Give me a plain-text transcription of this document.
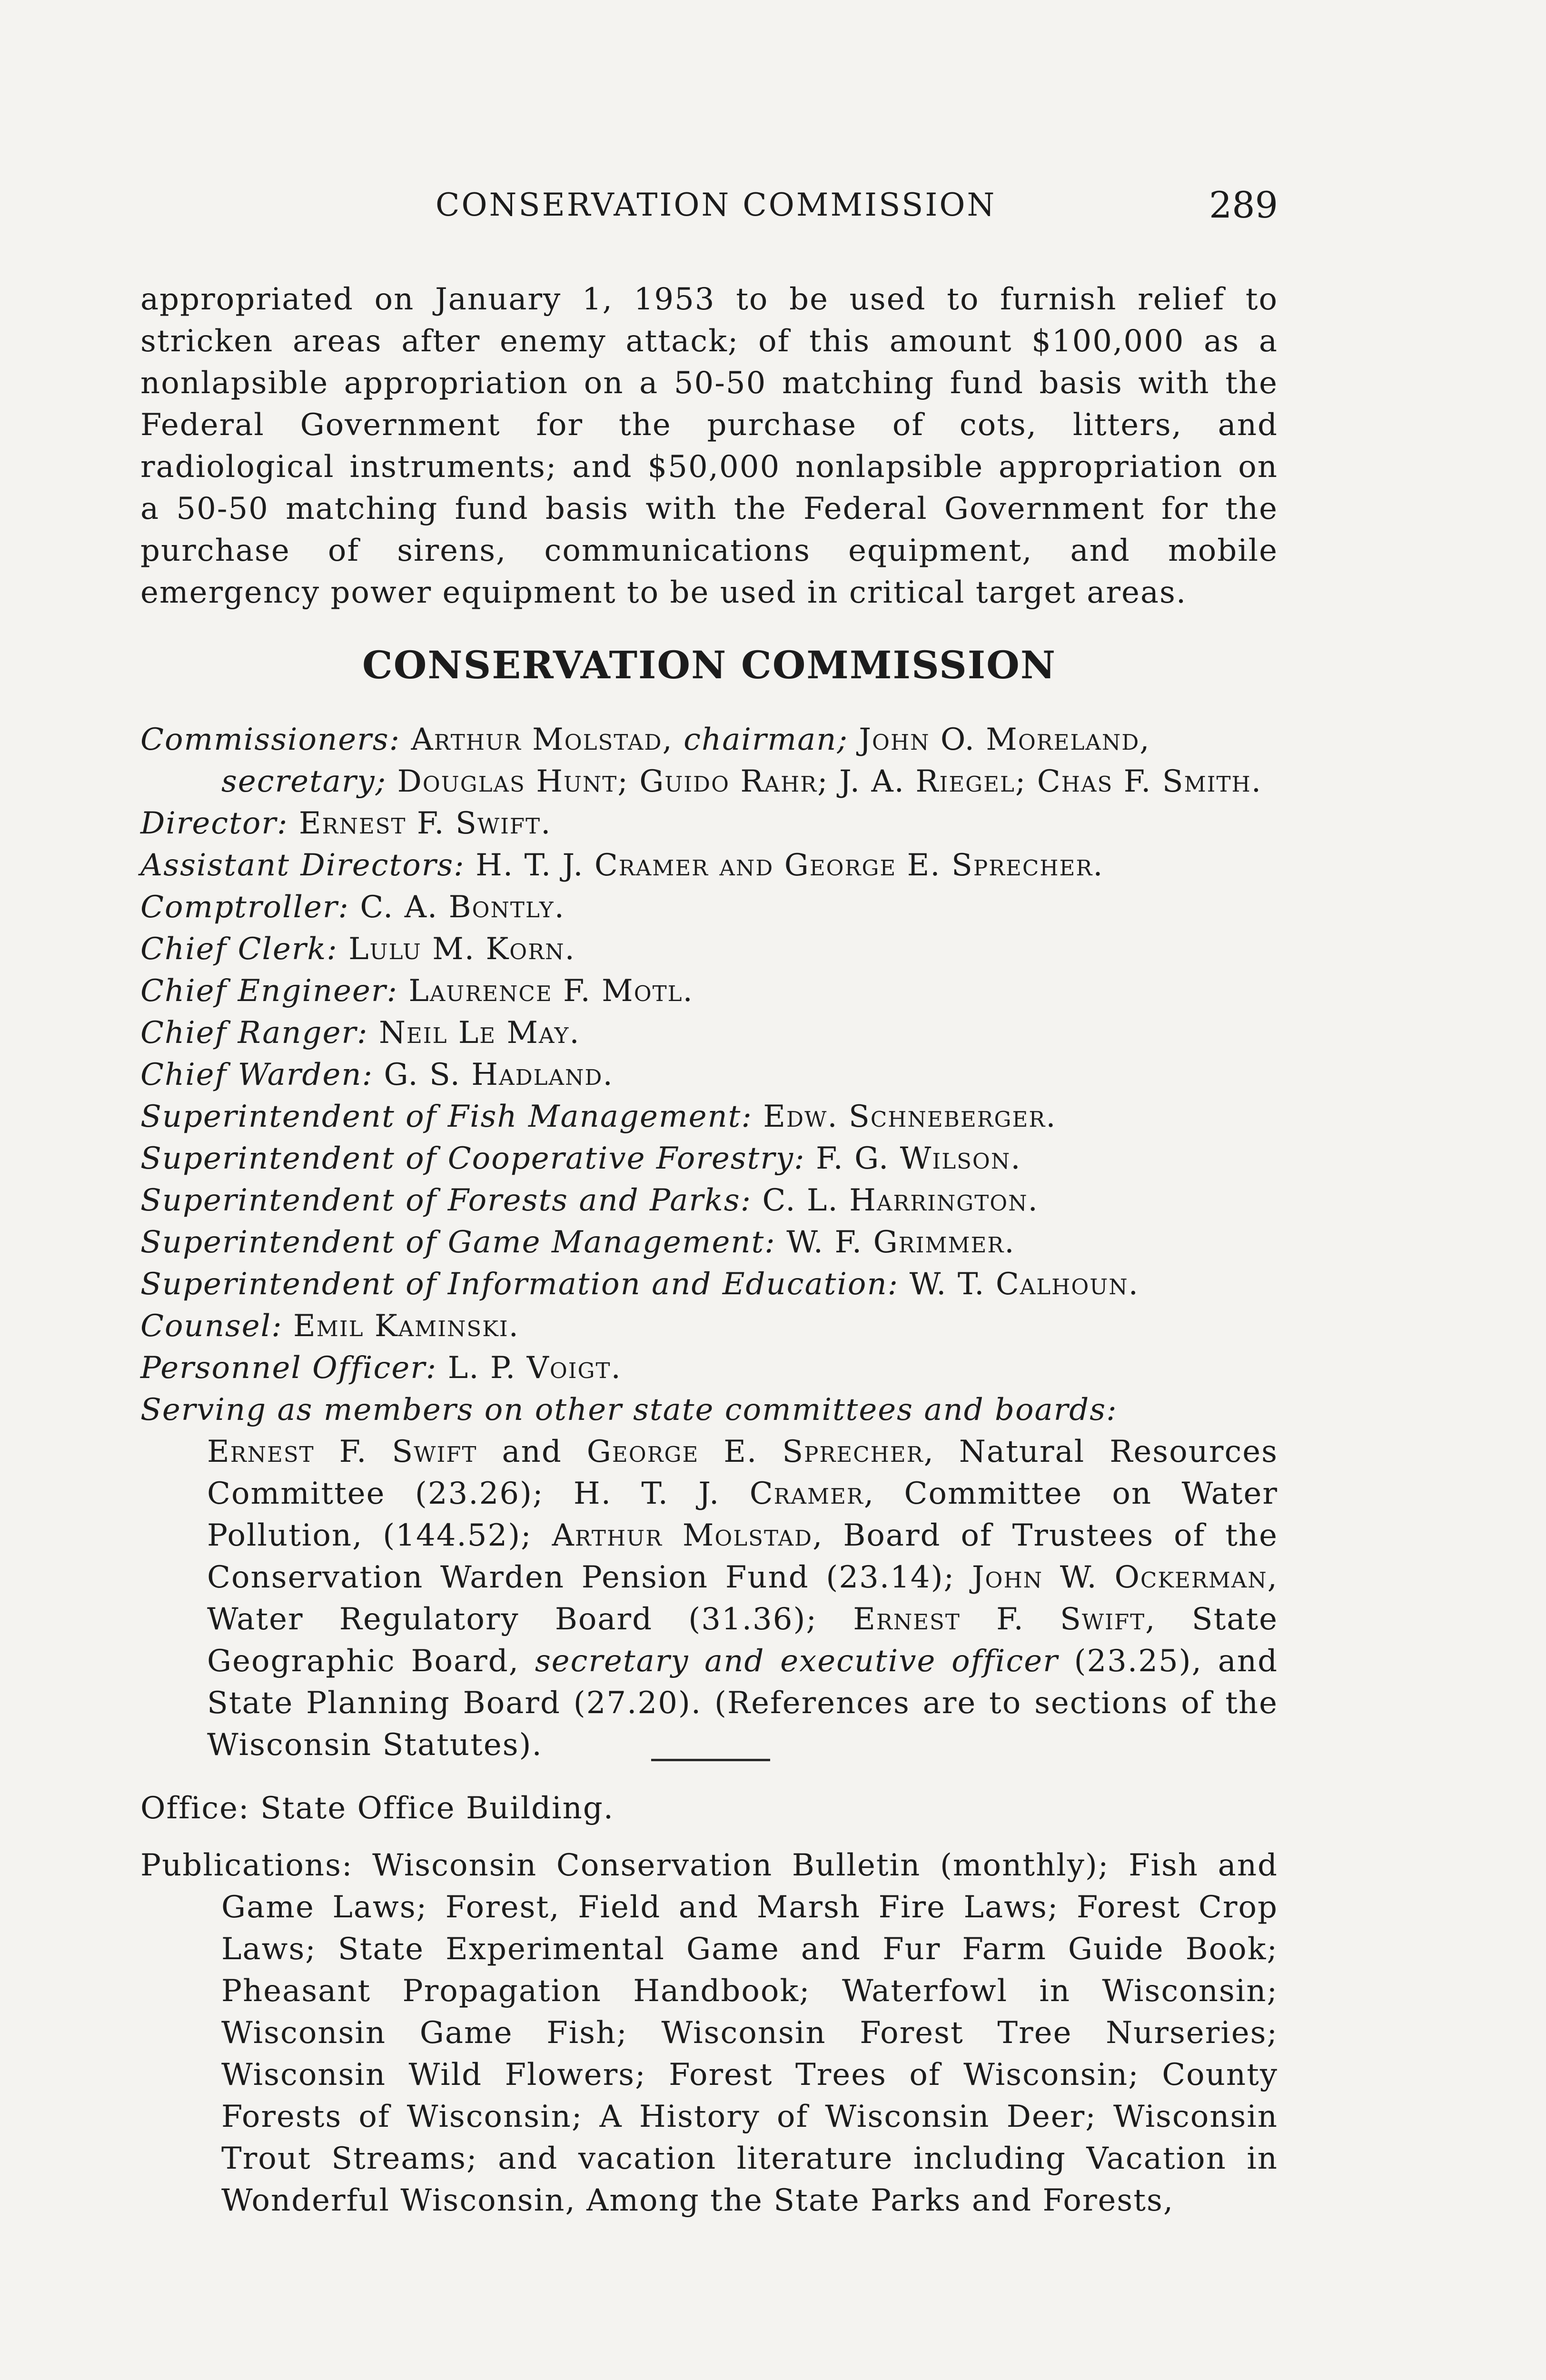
CONSERVATION COMMISSION	289

appropriated on January 1, 1953 to be used to furnish relief to stricken areas after enemy attack; of this amount $100,000 as a nonlapsible appropriation on a 50-50 matching fund basis with the Federal Government for the purchase of cots, litters, and radiological instruments; and $50,000 nonlapsible appropriation on a 50-50 matching fund basis with the Federal Government for the purchase of sirens, communications equipment, and mobile emergency power equipment to be used in critical target areas.

CONSERVATION COMMISSION

Commissioners: Arthur Molstad, chairman; John O. Moreland, secretary; Douglas Hunt; Guido Rahr; J. A. Riegel; Chas F. Smith.

Director: Ernest F. Swift.

Assistant Directors: H. T. J. Cramer and George E. Sprecher.

Comptroller: C. A. Bontly.

Chief Clerk: Lulu M. Korn.

Chief Engineer: Laurence F. Motl.

Chief Ranger: Neil Le May.

Chief Warden: G. S. Hadland.

Superintendent of Fish Management: Edw. Schneberger.

Superintendent of Cooperative Forestry: F. G. Wilson.

Superintendent of Forests and Parks: C. L. Harrington.

Superintendent of Game Management: W. F. Grimmer.

Superintendent of Information and Education: W. T. Calhoun.

Counsel: Emil Kaminski.

Personnel Officer: L. P. Voigt.

Serving as members on other state committees and boards:

Ernest F. Swift and George E. Sprecher, Natural Resources Committee (23.26); H. T. J. Cramer, Committee on Water Pollution, (144.52); Arthur Molstad, Board of Trustees of the Conservation Warden Pension Fund (23.14); John W. Ockerman, Water Regulatory Board (31.36); Ernest F. Swift, State Geographic Board, secretary and executive officer (23.25), and State Planning Board (27.20). (References are to sections of the Wisconsin Statutes).
Office: State Office Building.

Publications: Wisconsin Conservation Bulletin (monthly); Fish and Game Laws; Forest, Field and Marsh Fire Laws; Forest Crop Laws; State Experimental Game and Fur Farm Guide Book; Pheasant Propagation Handbook; Waterfowl in Wisconsin; Wisconsin Game Fish; Wisconsin Forest Tree Nurseries; Wisconsin Wild Flowers; Forest Trees of Wisconsin; County Forests of Wisconsin; A History of Wisconsin Deer; Wisconsin Trout Streams; and vacation literature including Vacation in Wonderful Wisconsin, Among the State Parks and Forests,
